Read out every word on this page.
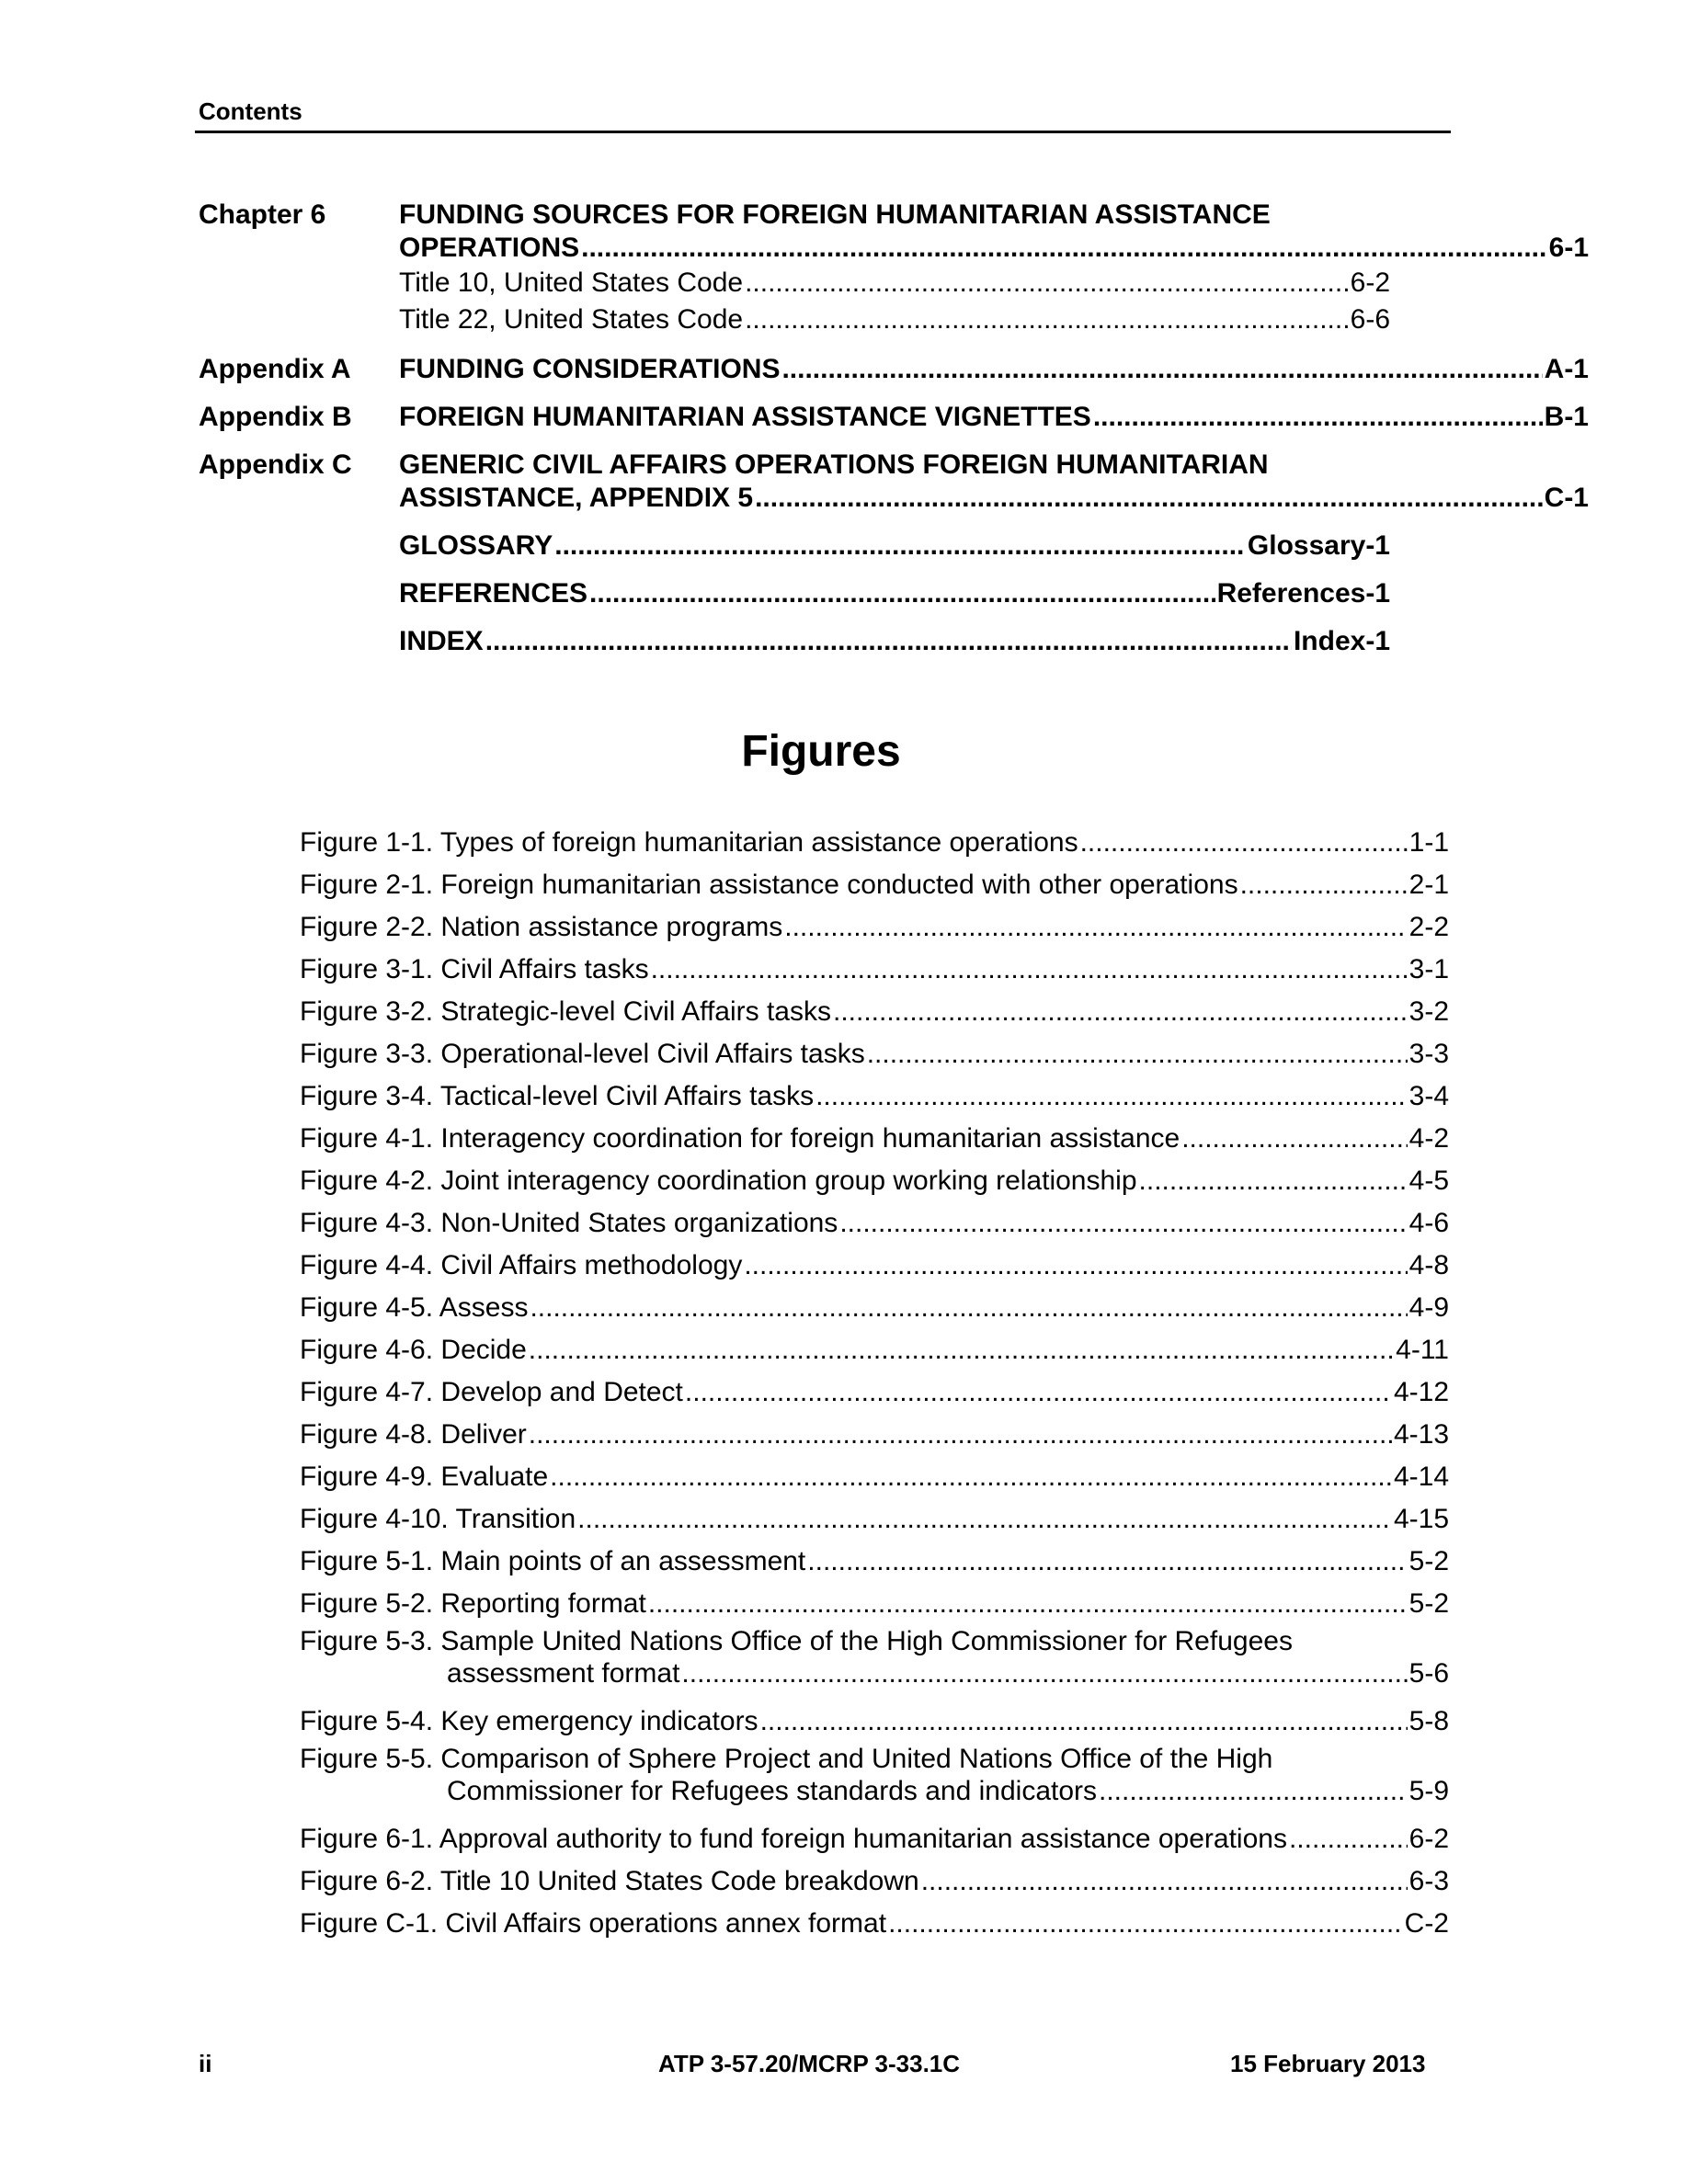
Contents
Chapter 6	FUNDING SOURCES FOR FOREIGN HUMANITARIAN ASSISTANCE
OPERATIONS .....	6-1
Title 10, United States Code .....	6-2
Title 22, United States Code .....	6-6
Appendix A	FUNDING CONSIDERATIONS .....	A-1
Appendix B	FOREIGN HUMANITARIAN ASSISTANCE VIGNETTES .....	B-1
Appendix C	GENERIC CIVIL AFFAIRS OPERATIONS FOREIGN HUMANITARIAN
ASSISTANCE, APPENDIX 5 .....	C-1
GLOSSARY .....	Glossary-1
REFERENCES .....	References-1
INDEX .....	Index-1
Figures
Figure 1-1. Types of foreign humanitarian assistance operations .....	1-1
Figure 2-1. Foreign humanitarian assistance conducted with other operations .....	2-1
Figure 2-2. Nation assistance programs .....	2-2
Figure 3-1. Civil Affairs tasks .....	3-1
Figure 3-2. Strategic-level Civil Affairs tasks .....	3-2
Figure 3-3. Operational-level Civil Affairs tasks .....	3-3
Figure 3-4. Tactical-level Civil Affairs tasks .....	3-4
Figure 4-1. Interagency coordination for foreign humanitarian assistance .....	4-2
Figure 4-2. Joint interagency coordination group working relationship .....	4-5
Figure 4-3. Non-United States organizations .....	4-6
Figure 4-4. Civil Affairs methodology .....	4-8
Figure 4-5. Assess .....	4-9
Figure 4-6. Decide .....	4-11
Figure 4-7. Develop and Detect .....	4-12
Figure 4-8. Deliver .....	4-13
Figure 4-9. Evaluate .....	4-14
Figure 4-10. Transition .....	4-15
Figure 5-1. Main points of an assessment .....	5-2
Figure 5-2. Reporting format .....	5-2
Figure 5-3. Sample United Nations Office of the High Commissioner for Refugees
assessment format .....	5-6
Figure 5-4. Key emergency indicators .....	5-8
Figure 5-5. Comparison of Sphere Project and United Nations Office of the High
Commissioner for Refugees standards and indicators .....	5-9
Figure 6-1. Approval authority to fund foreign humanitarian assistance operations .....	6-2
Figure 6-2. Title 10 United States Code breakdown .....	6-3
Figure C-1. Civil Affairs operations annex format .....	C-2
ii	ATP 3-57.20/MCRP 3-33.1C	15 February 2013
